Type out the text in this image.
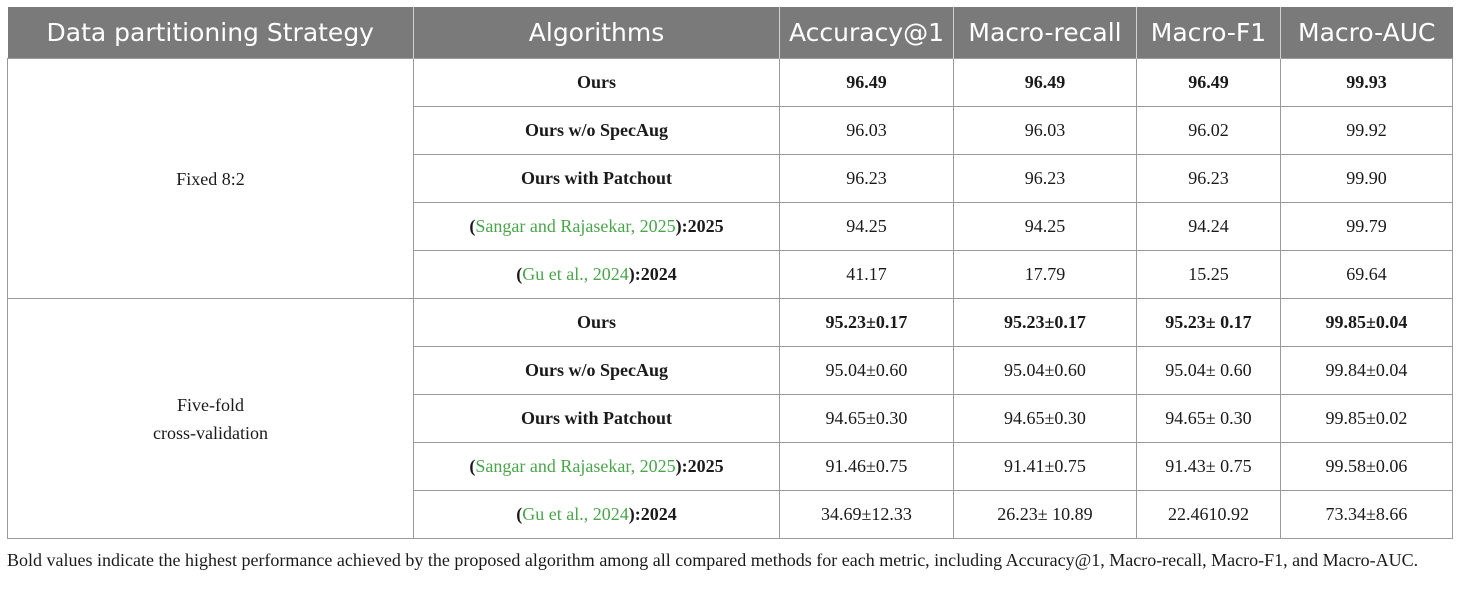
Data partitioning Strategy	Algorithms	Accuracy@1	Macro-recall	Macro-F1	Macro-AUC
Fixed 8:2	Ours	96.49	96.49	96.49	99.93
	Ours w/o SpecAug	96.03	96.03	96.02	99.92
	Ours with Patchout	96.23	96.23	96.23	99.90
	(Sangar and Rajasekar, 2025):2025	94.25	94.25	94.24	99.79
	(Gu et al., 2024):2024	41.17	17.79	15.25	69.64
Five-fold
cross-validation	Ours	95.23±0.17	95.23±0.17	95.23± 0.17	99.85±0.04
	Ours w/o SpecAug	95.04±0.60	95.04±0.60	95.04± 0.60	99.84±0.04
	Ours with Patchout	94.65±0.30	94.65±0.30	94.65± 0.30	99.85±0.02
	(Sangar and Rajasekar, 2025):2025	91.46±0.75	91.41±0.75	91.43± 0.75	99.58±0.06
	(Gu et al., 2024):2024	34.69±12.33	26.23± 10.89	22.4610.92	73.34±8.66
Bold values indicate the highest performance achieved by the proposed algorithm among all compared methods for each metric, including Accuracy@1, Macro-recall, Macro-F1, and Macro-AUC.
